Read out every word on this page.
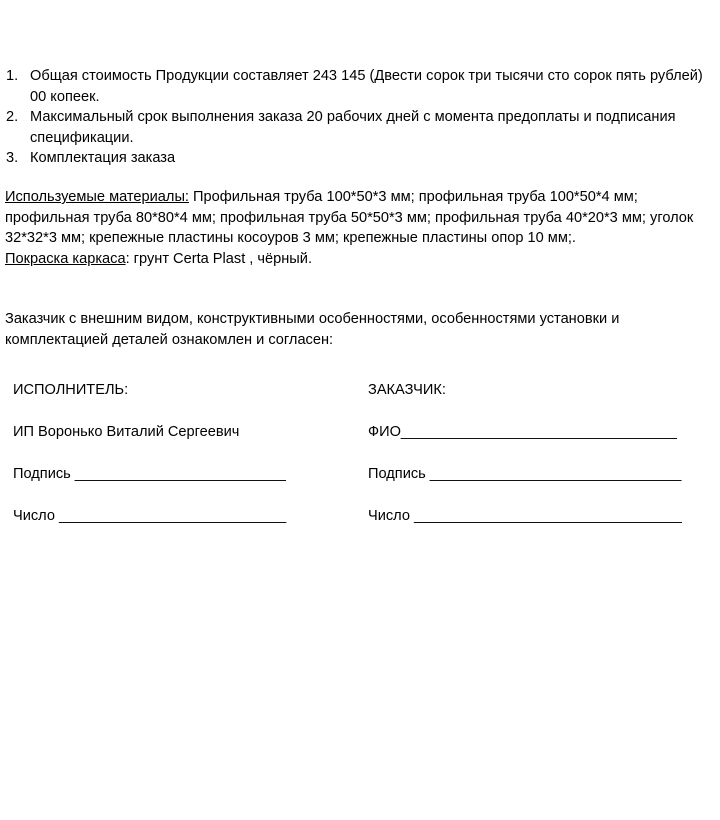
1. Общая стоимость Продукции составляет 243 145 (Двести сорок три тысячи сто сорок пять рублей) 00 копеек.
2. Максимальный срок выполнения заказа 20 рабочих дней с момента предоплаты и подписания спецификации.
3. Комплектация заказа

Используемые материалы: Профильная труба 100*50*3 мм; профильная труба 100*50*4 мм; профильная труба 80*80*4 мм; профильная труба 50*50*3 мм; профильная труба 40*20*3 мм; уголок 32*32*3 мм; крепежные пластины косоуров 3 мм; крепежные пластины опор 10 мм;.
Покраска каркаса: грунт Certa Plast , чёрный.

Заказчик с внешним видом, конструктивными особенностями, особенностями установки и комплектацией деталей ознакомлен и согласен:

ИСПОЛНИТЕЛЬ:	ЗАКАЗЧИК:
ИП Воронько Виталий Сергеевич	ФИО__________________________________
Подпись __________________________	Подпись _______________________________
Число ____________________________	Число _________________________________
